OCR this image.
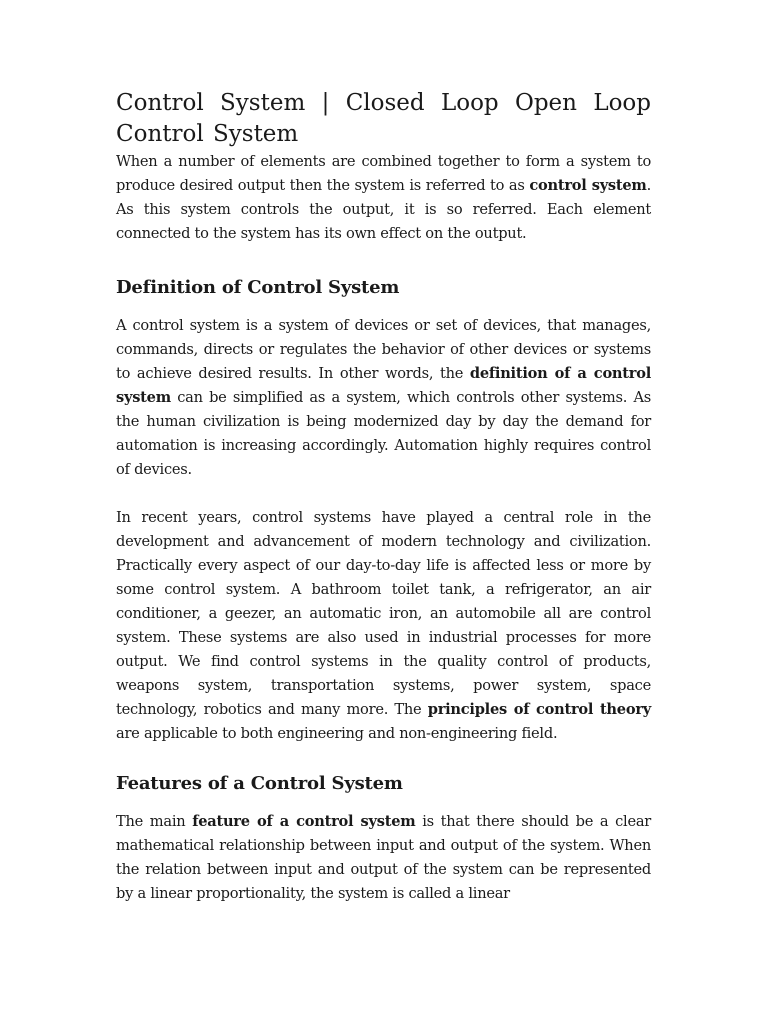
Control System | Closed Loop Open Loop Control System

When a number of elements are combined together to form a system to produce desired output then the system is referred to as control system. As this system controls the output, it is so referred. Each element connected to the system has its own effect on the output.

Definition of Control System

A control system is a system of devices or set of devices, that manages, commands, directs or regulates the behavior of other devices or systems to achieve desired results. In other words, the definition of a control system can be simplified as a system, which controls other systems. As the human civilization is being modernized day by day the demand for automation is increasing accordingly. Automation highly requires control of devices.

In recent years, control systems have played a central role in the development and advancement of modern technology and civilization. Practically every aspect of our day-to-day life is affected less or more by some control system. A bathroom toilet tank, a refrigerator, an air conditioner, a geezer, an automatic iron, an automobile all are control system. These systems are also used in industrial processes for more output. We find control systems in the quality control of products, weapons system, transportation systems, power system, space technology, robotics and many more. The principles of control theory are applicable to both engineering and non-engineering field.

Features of a Control System

The main feature of a control system is that there should be a clear mathematical relationship between input and output of the system. When the relation between input and output of the system can be represented by a linear proportionality, the system is called a linear
